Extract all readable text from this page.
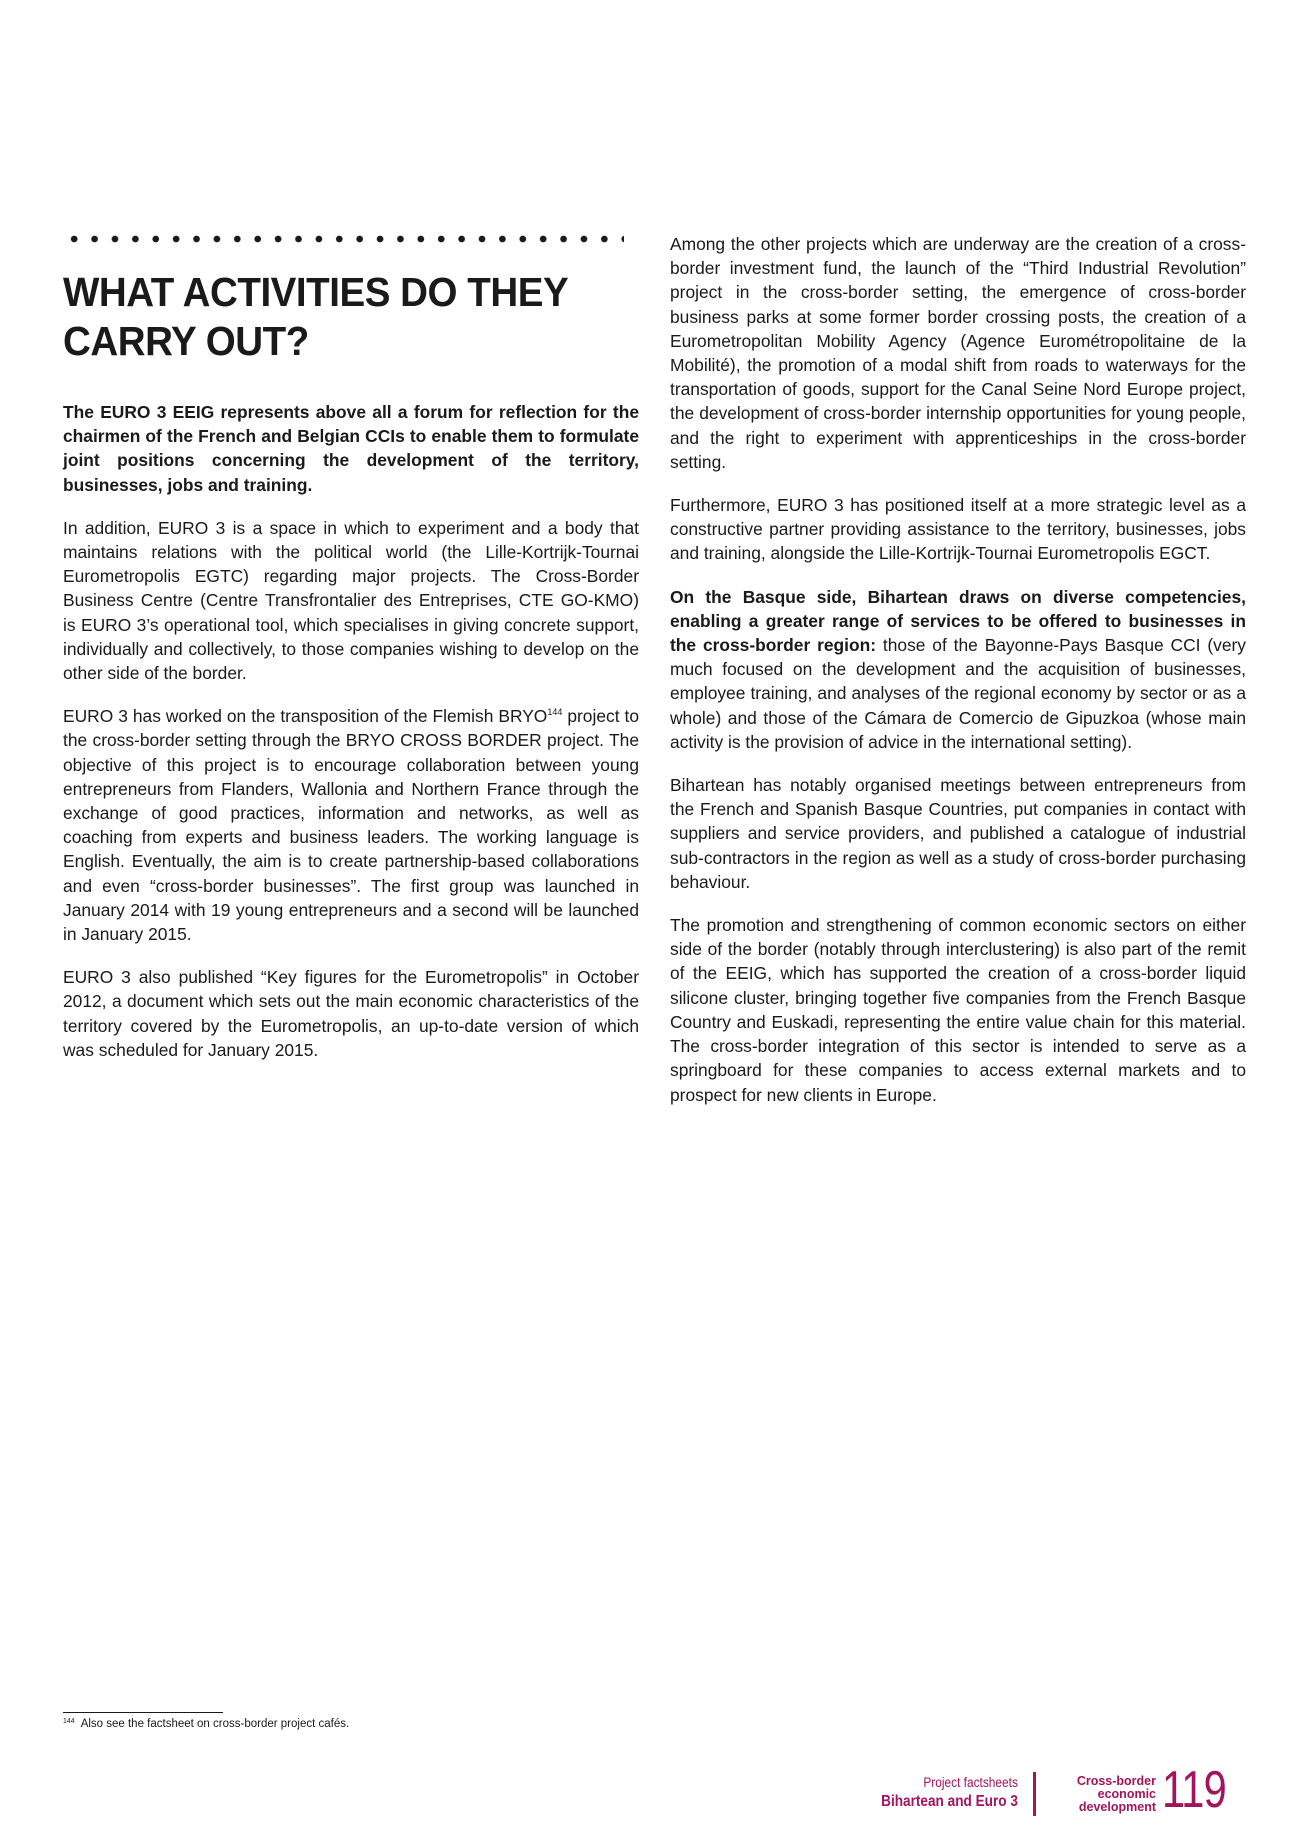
WHAT ACTIVITIES DO THEY CARRY OUT?

The EURO 3 EEIG represents above all a forum for reflection for the chairmen of the French and Belgian CCIs to enable them to formulate joint positions concerning the development of the territory, businesses, jobs and training.

In addition, EURO 3 is a space in which to experiment and a body that maintains relations with the political world (the Lille-Kortrijk-Tournai Eurometropolis EGTC) regarding major projects. The Cross-Border Business Centre (Centre Transfrontalier des Entreprises, CTE GO-KMO) is EURO 3’s operational tool, which specialises in giving concrete support, individually and collectively, to those companies wishing to develop on the other side of the border.

EURO 3 has worked on the transposition of the Flemish BRYO$^{144}$ project to the cross-border setting through the BRYO CROSS BORDER project. The objective of this project is to encourage collaboration between young entrepreneurs from Flanders, Wallonia and Northern France through the exchange of good practices, information and networks, as well as coaching from experts and business leaders. The working language is English. Eventually, the aim is to create partnership-based collaborations and even “cross-border businesses”. The first group was launched in January 2014 with 19 young entrepreneurs and a second will be launched in January 2015.

EURO 3 also published “Key figures for the Eurometropolis” in October 2012, a document which sets out the main economic characteristics of the territory covered by the Eurometropolis, an up-to-date version of which was scheduled for January 2015.

Among the other projects which are underway are the creation of a cross-border investment fund, the launch of the “Third Industrial Revolution” project in the cross-border setting, the emergence of cross-border business parks at some former border crossing posts, the creation of a Eurometropolitan Mobility Agency (Agence Eurométropolitaine de la Mobilité), the promotion of a modal shift from roads to waterways for the transportation of goods, support for the Canal Seine Nord Europe project, the development of cross-border internship opportunities for young people, and the right to experiment with apprenticeships in the cross-border setting.

Furthermore, EURO 3 has positioned itself at a more strategic level as a constructive partner providing assistance to the territory, businesses, jobs and training, alongside the Lille-Kortrijk-Tournai Eurometropolis EGCT.

On the Basque side, Bihartean draws on diverse competencies, enabling a greater range of services to be offered to businesses in the cross-border region: those of the Bayonne-Pays Basque CCI (very much focused on the development and the acquisition of businesses, employee training, and analyses of the regional economy by sector or as a whole) and those of the Cámara de Comercio de Gipuzkoa (whose main activity is the provision of advice in the international setting).

Bihartean has notably organised meetings between entrepreneurs from the French and Spanish Basque Countries, put companies in contact with suppliers and service providers, and published a catalogue of industrial sub-contractors in the region as well as a study of cross-border purchasing behaviour.

The promotion and strengthening of common economic sectors on either side of the border (notably through interclustering) is also part of the remit of the EEIG, which has supported the creation of a cross-border liquid silicone cluster, bringing together five companies from the French Basque Country and Euskadi, representing the entire value chain for this material. The cross-border integration of this sector is intended to serve as a springboard for these companies to access external markets and to prospect for new clients in Europe.

$^{144}$ Also see the factsheet on cross-border project cafés.
Project factsheets
Bihartean and Euro 3
Cross-border
economic
development 119
